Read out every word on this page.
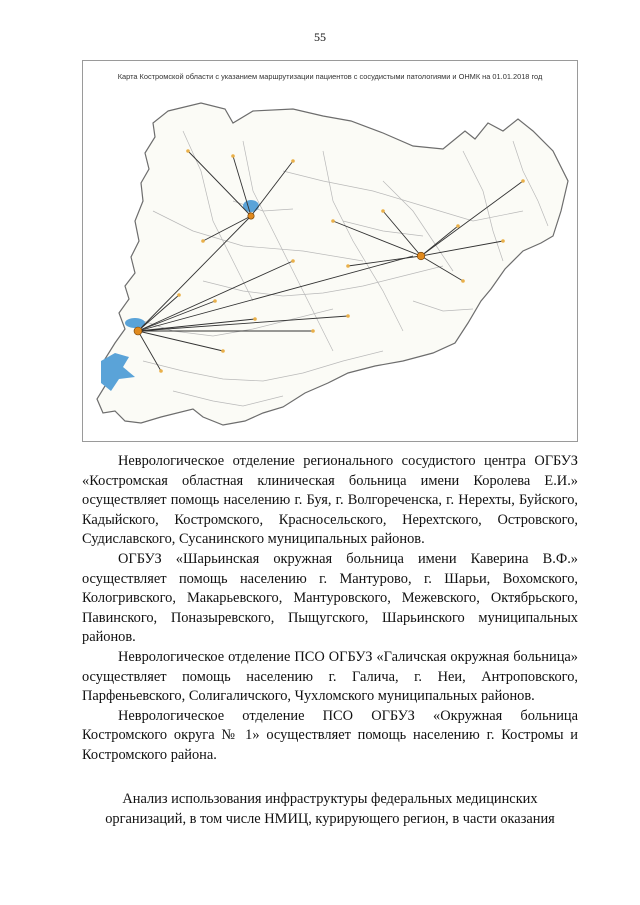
55
Карта Костромской области с указанием маршрутизации пациентов с сосудистыми патологиями и ОНМК на 01.01.2018 год

Неврологическое отделение регионального сосудистого центра ОГБУЗ «Костромская областная клиническая больница имени Королева Е.И.» осуществляет помощь населению г. Буя, г. Волгореченска, г. Нерехты, Буйского, Кадыйского, Костромского, Красносельского, Нерехтского, Островского, Судиславского, Сусанинского муниципальных районов.

ОГБУЗ «Шарьинская окружная больница имени Каверина В.Ф.» осуществляет помощь населению г. Мантурово, г. Шарьи, Вохомского, Кологривского, Макарьевского, Мантуровского, Межевского, Октябрьского, Павинского, Поназыревского, Пыщугского, Шарьинского муниципальных районов.

Неврологическое отделение ПСО ОГБУЗ «Галичская окружная больница» осуществляет помощь населению г. Галича, г. Неи, Антроповского, Парфеньевского, Солигаличского, Чухломского муниципальных районов.

Неврологическое отделение ПСО ОГБУЗ «Окружная больница Костромского округа № 1» осуществляет помощь населению г. Костромы и Костромского района.

Анализ использования инфраструктуры федеральных медицинских
организаций, в том числе НМИЦ, курирующего регион, в части оказания
